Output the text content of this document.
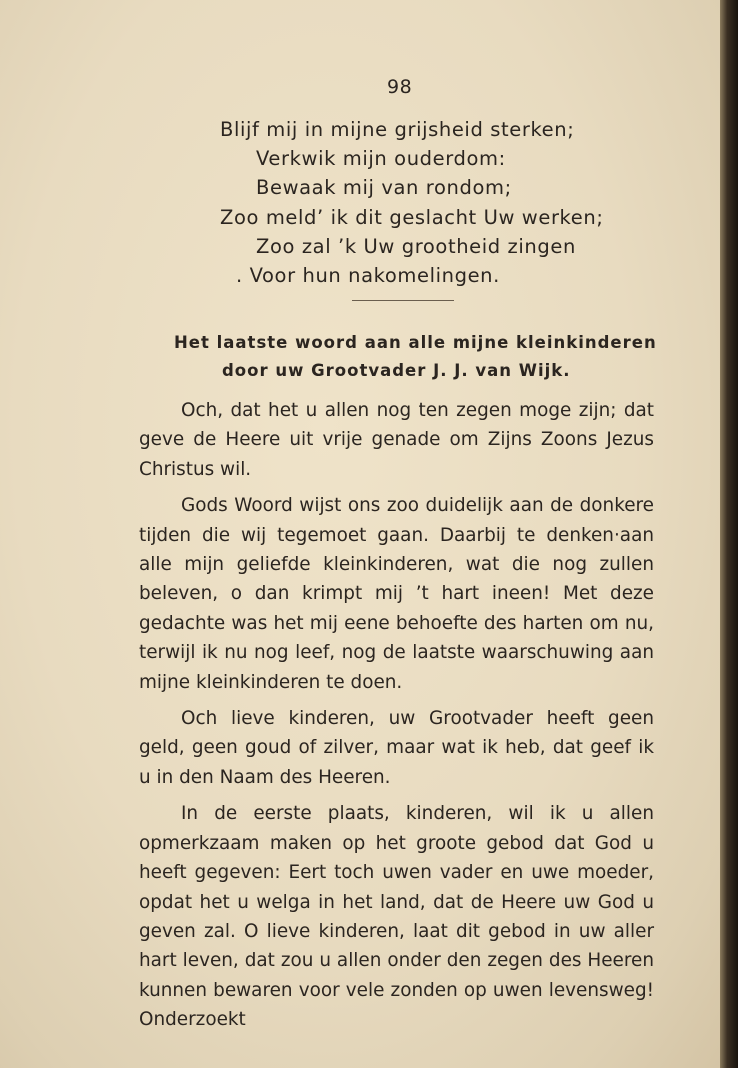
98
Blijf mij in mijne grijsheid sterken;
Verkwik mijn ouderdom:
Bewaak mij van rondom;
Zoo meld’ ik dit geslacht Uw werken;
Zoo zal ’k Uw grootheid zingen
. Voor hun nakomelingen.
Het laatste woord aan alle mijne kleinkinderen
door uw Grootvader J. J. van Wijk.

Och, dat het u allen nog ten zegen moge zijn; dat geve de Heere uit vrije genade om Zijns Zoons Jezus Christus wil.

Gods Woord wijst ons zoo duidelijk aan de donkere tijden die wij tegemoet gaan. Daarbij te denken·aan alle mijn geliefde kleinkinderen, wat die nog zullen beleven, o dan krimpt mij ’t hart ineen! Met deze gedachte was het mij eene behoefte des harten om nu, terwijl ik nu nog leef, nog de laatste waarschuwing aan mijne kleinkinderen te doen.

Och lieve kinderen, uw Grootvader heeft geen geld, geen goud of zilver, maar wat ik heb, dat geef ik u in den Naam des Heeren.

In de eerste plaats, kinderen, wil ik u allen opmerkzaam maken op het groote gebod dat God u heeft gegeven: Eert toch uwen vader en uwe moeder, opdat het u welga in het land, dat de Heere uw God u geven zal. O lieve kinderen, laat dit gebod in uw aller hart leven, dat zou u allen onder den zegen des Heeren kunnen bewaren voor vele zonden op uwen levensweg! Onderzoekt
